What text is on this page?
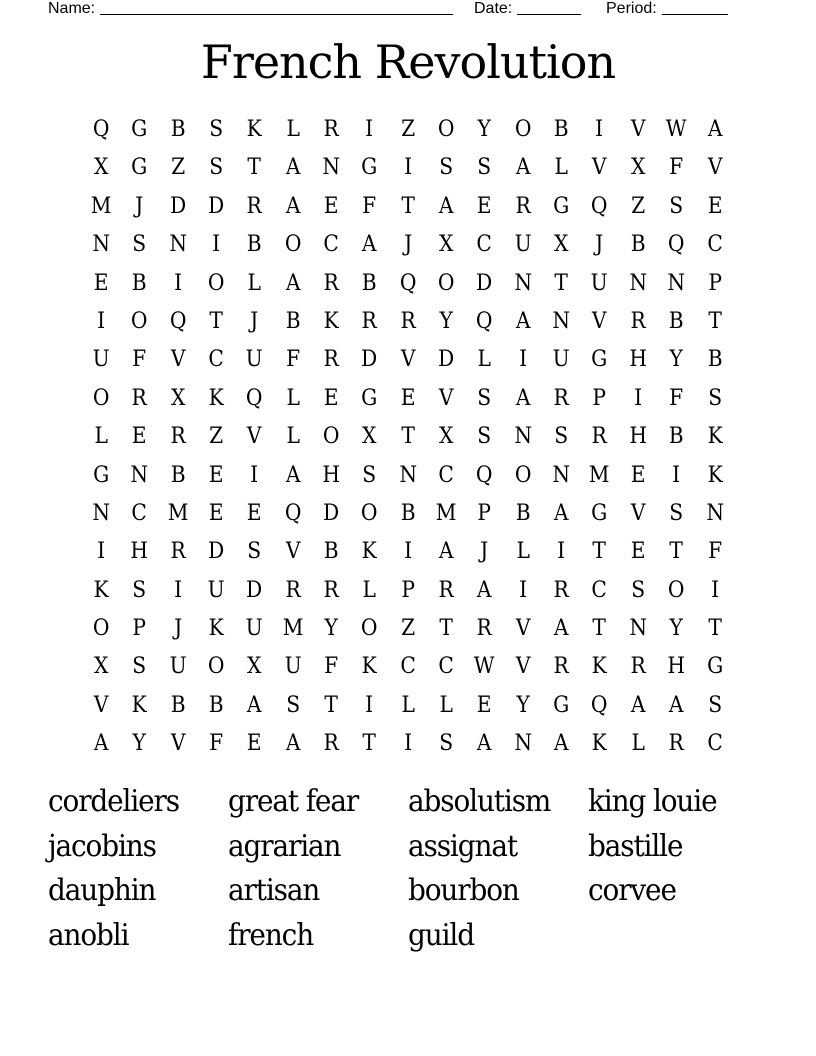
Name:	Date:	Period:
French Revolution
Q G	B	S	K	L	R	I	Z	O	Y	O	B	I	V W A
X	G	Z	S	T	A	N G	I	S	S	A	L	V	X	F	V
M	J	D	D	R	A	E	F	T	A	E	R	G Q	Z	S	E
N	S	N	I	B	O	C	A	J	X	C	U	X	J	B	Q	C
E	B	I	O	L	A	R	B	Q O D N	T	U N N	P
I	O Q	T	J	B	K	R	R	Y	Q	A	N	V	R	B	T
U	F	V	C	U	F	R	D	V	D	L	I	U G H	Y	B
O	R	X	K	Q	L	E	G	E	V	S	A	R	P	I	F	S
L	E	R	Z	V	L	O	X	T	X	S	N	S	R H	B	K
G N	B	E	I	A	H	S	N C	Q O N M E	I	K
N C M E	E	Q D O	B M P	B	A	G	V	S	N
I	H R	D	S	V	B	K	I	A	J	L	I	T	E	T	F
K	S	I	U D	R	R	L	P	R	A	I	R	C	S	O	I
O	P	J	K	U M Y	O	Z	T	R	V	A	T	N	Y	T
X	S	U O	X	U	F	K	C	C W V	R	K	R H G
V	K	B	B	A	S	T	I	L	L	E	Y	G Q	A	A	S
A	Y	V	F	E	A	R	T	I	S	A	N	A	K	L	R	C
cordeliers	great fear	absolutism	king louie
jacobins	agrarian	assignat	bastille
dauphin	artisan	bourbon	corvee
anobli	french	guild
